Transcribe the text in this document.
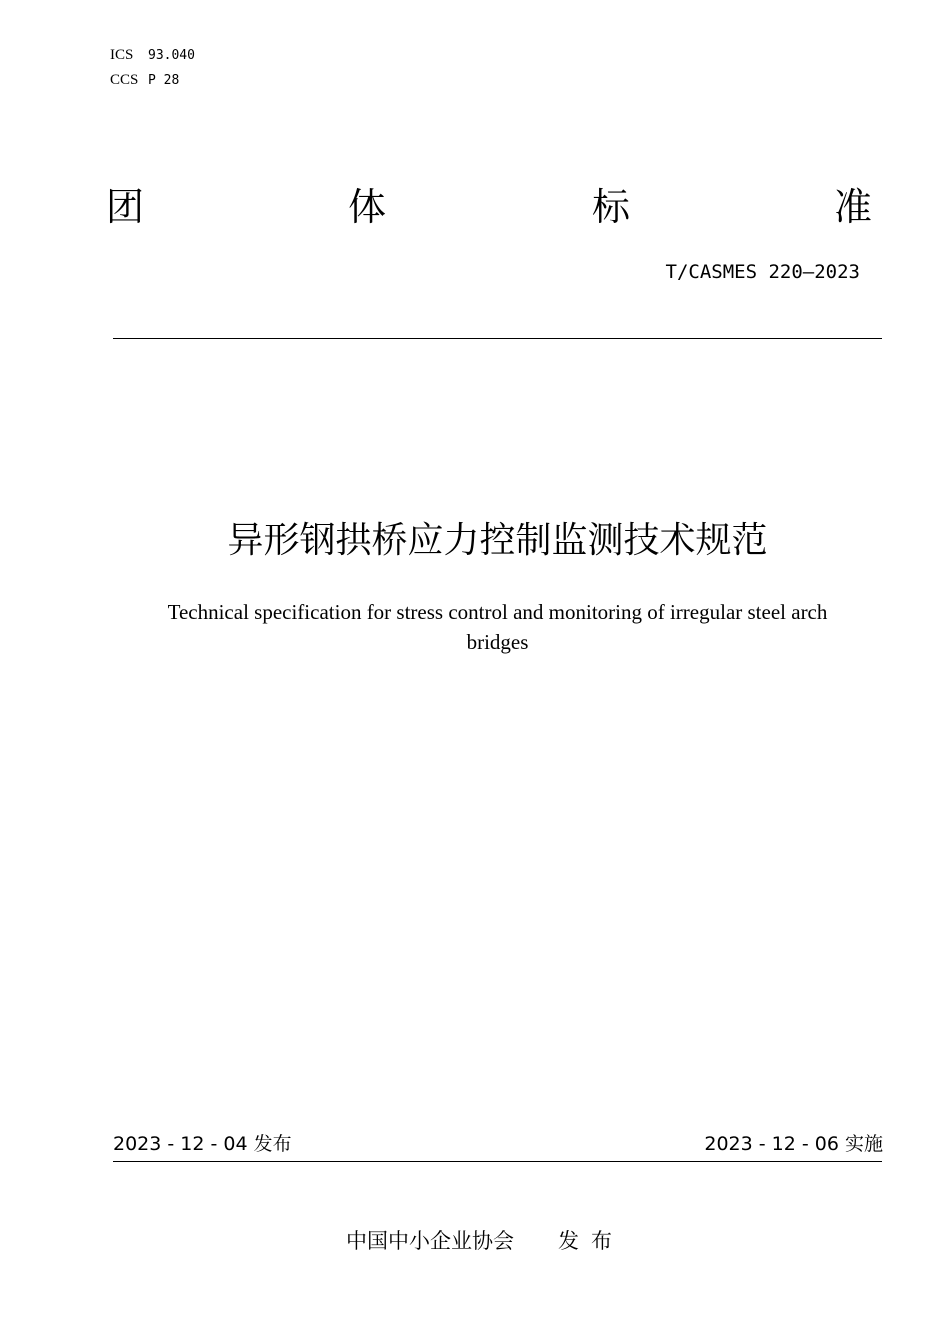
ICS 93.040
CCS P 28
团	体	标	准
T/CASMES 220—2023
异形钢拱桥应力控制监测技术规范
Technical specification for stress control and monitoring of irregular steel arch bridges
2023 - 12 - 04 发布	2023 - 12 - 06 实施
中国中小企业协会 发布
